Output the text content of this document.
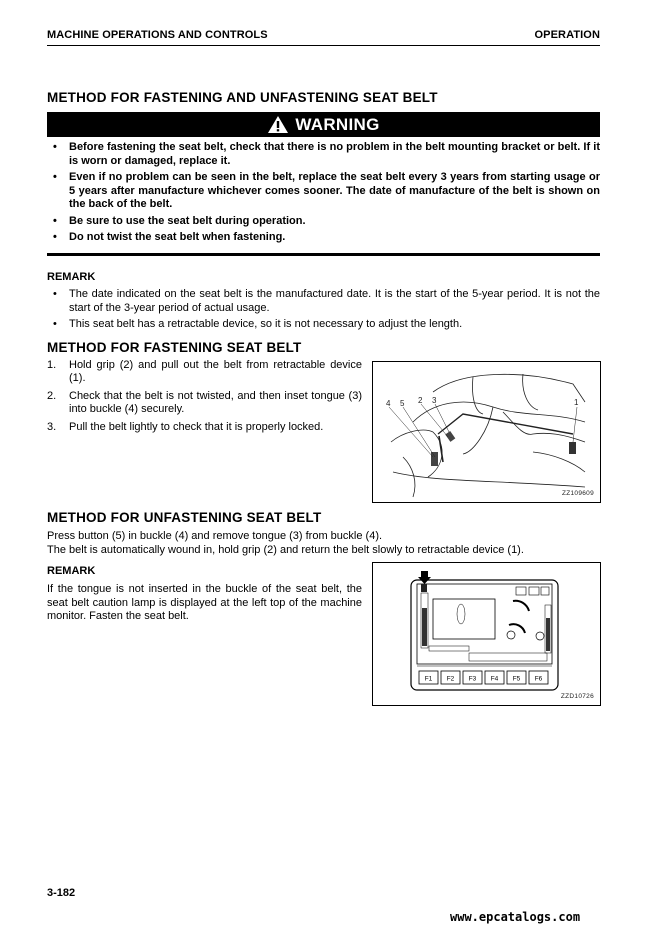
MACHINE OPERATIONS AND CONTROLS	OPERATION
METHOD FOR FASTENING AND UNFASTENING SEAT BELT
WARNING
• Before fastening the seat belt, check that there is no problem in the belt mounting bracket or belt. If it is worn or damaged, replace it.
• Even if no problem can be seen in the belt, replace the seat belt every 3 years from starting usage or 5 years after manufacture whichever comes sooner. The date of manufacture of the belt is shown on the back of the belt.
• Be sure to use the seat belt during operation.
• Do not twist the seat belt when fastening.
REMARK
• The date indicated on the seat belt is the manufactured date. It is the start of the 5-year period. It is not the start of the 3-year period of actual usage.
• This seat belt has a retractable device, so it is not necessary to adjust the length.
METHOD FOR FASTENING SEAT BELT
1. Hold grip (2) and pull out the belt from retractable device (1).
2. Check that the belt is not twisted, and then inset tongue (3) into buckle (4) securely.
3. Pull the belt lightly to check that it is properly locked.
4 5 2 3	1
ZZ109609
METHOD FOR UNFASTENING SEAT BELT
Press button (5) in buckle (4) and remove tongue (3) from buckle (4).
The belt is automatically wound in, hold grip (2) and return the belt slowly to retractable device (1).
REMARK
If the tongue is not inserted in the buckle of the seat belt, the seat belt caution lamp is displayed at the left top of the machine monitor. Fasten the seat belt.
F1 F2 F3 F4 F5 F6
ZZD10726
3-182
www.epcatalogs.com
